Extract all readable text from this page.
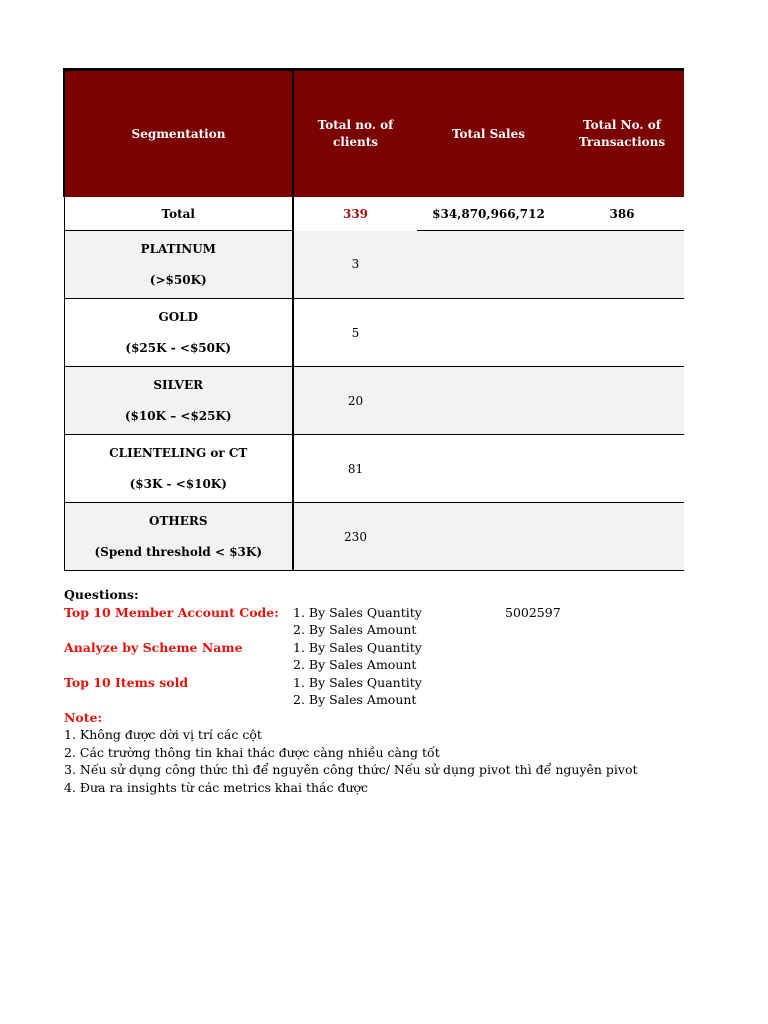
Segmentation	Total no. of clients	Total Sales	Total No. of Transactions
Total	339	$34,870,966,712	386

PLATINUM
(>$50K)	3		

GOLD
($25K - <$50K)	5		

SILVER
($10K – <$25K)	20		

CLIENTELING or CT
($3K - <$10K)	81		

OTHERS
(Spend threshold < $3K)	230		
Questions:
Top 10 Member Account Code: 1. By Sales Quantity	5002597
2. By Sales Amount
Analyze by Scheme Name	1. By Sales Quantity
2. By Sales Amount
Top 10 Items sold	1. By Sales Quantity
2. By Sales Amount
Note:
1. Không được dời vị trí các cột
2. Các trường thông tin khai thác được càng nhiều càng tốt
3. Nếu sử dụng công thức thì để nguyên công thức/ Nếu sử dụng pivot thì để nguyên pivot
4. Đưa ra insights từ các metrics khai thác được
